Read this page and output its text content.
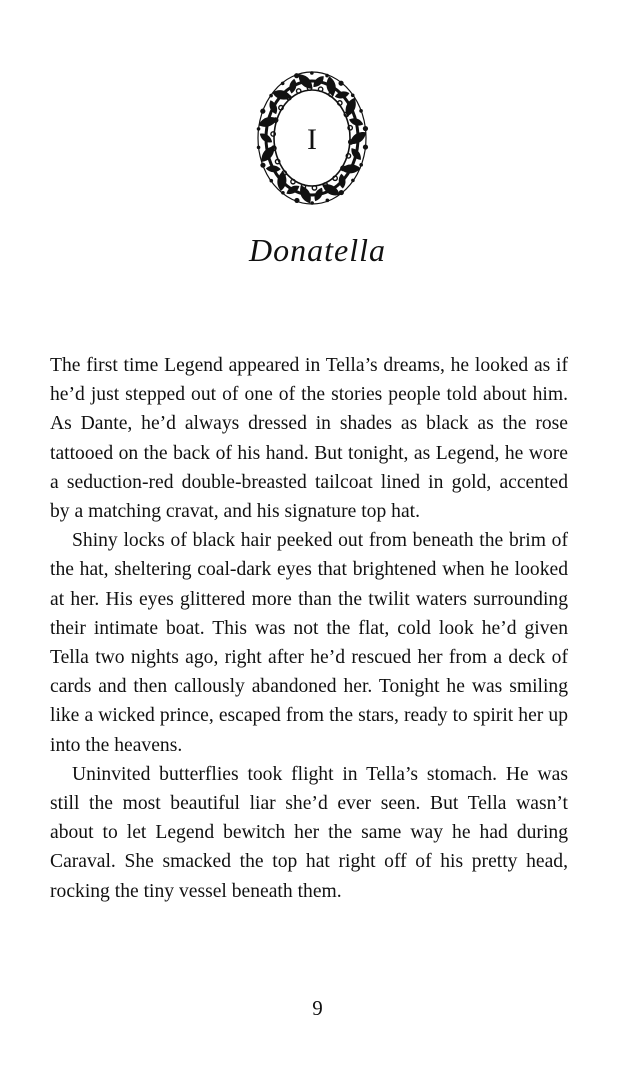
I
Donatella

The first time Legend appeared in Tella’s dreams, he looked as if he’d just stepped out of one of the stories people told about him. As Dante, he’d always dressed in shades as black as the rose tattooed on the back of his hand. But tonight, as Legend, he wore a seduction-red double-breasted tailcoat lined in gold, accented by a matching cravat, and his signature top hat.

Shiny locks of black hair peeked out from beneath the brim of the hat, sheltering coal-dark eyes that brightened when he looked at her. His eyes glittered more than the twilit waters surrounding their intimate boat. This was not the flat, cold look he’d given Tella two nights ago, right after he’d rescued her from a deck of cards and then callously abandoned her. Tonight he was smiling like a wicked prince, escaped from the stars, ready to spirit her up into the heavens.

Uninvited butterflies took flight in Tella’s stomach. He was still the most beautiful liar she’d ever seen. But Tella wasn’t about to let Legend bewitch her the same way he had during Caraval. She smacked the top hat right off of his pretty head, rocking the tiny vessel beneath them.

9
